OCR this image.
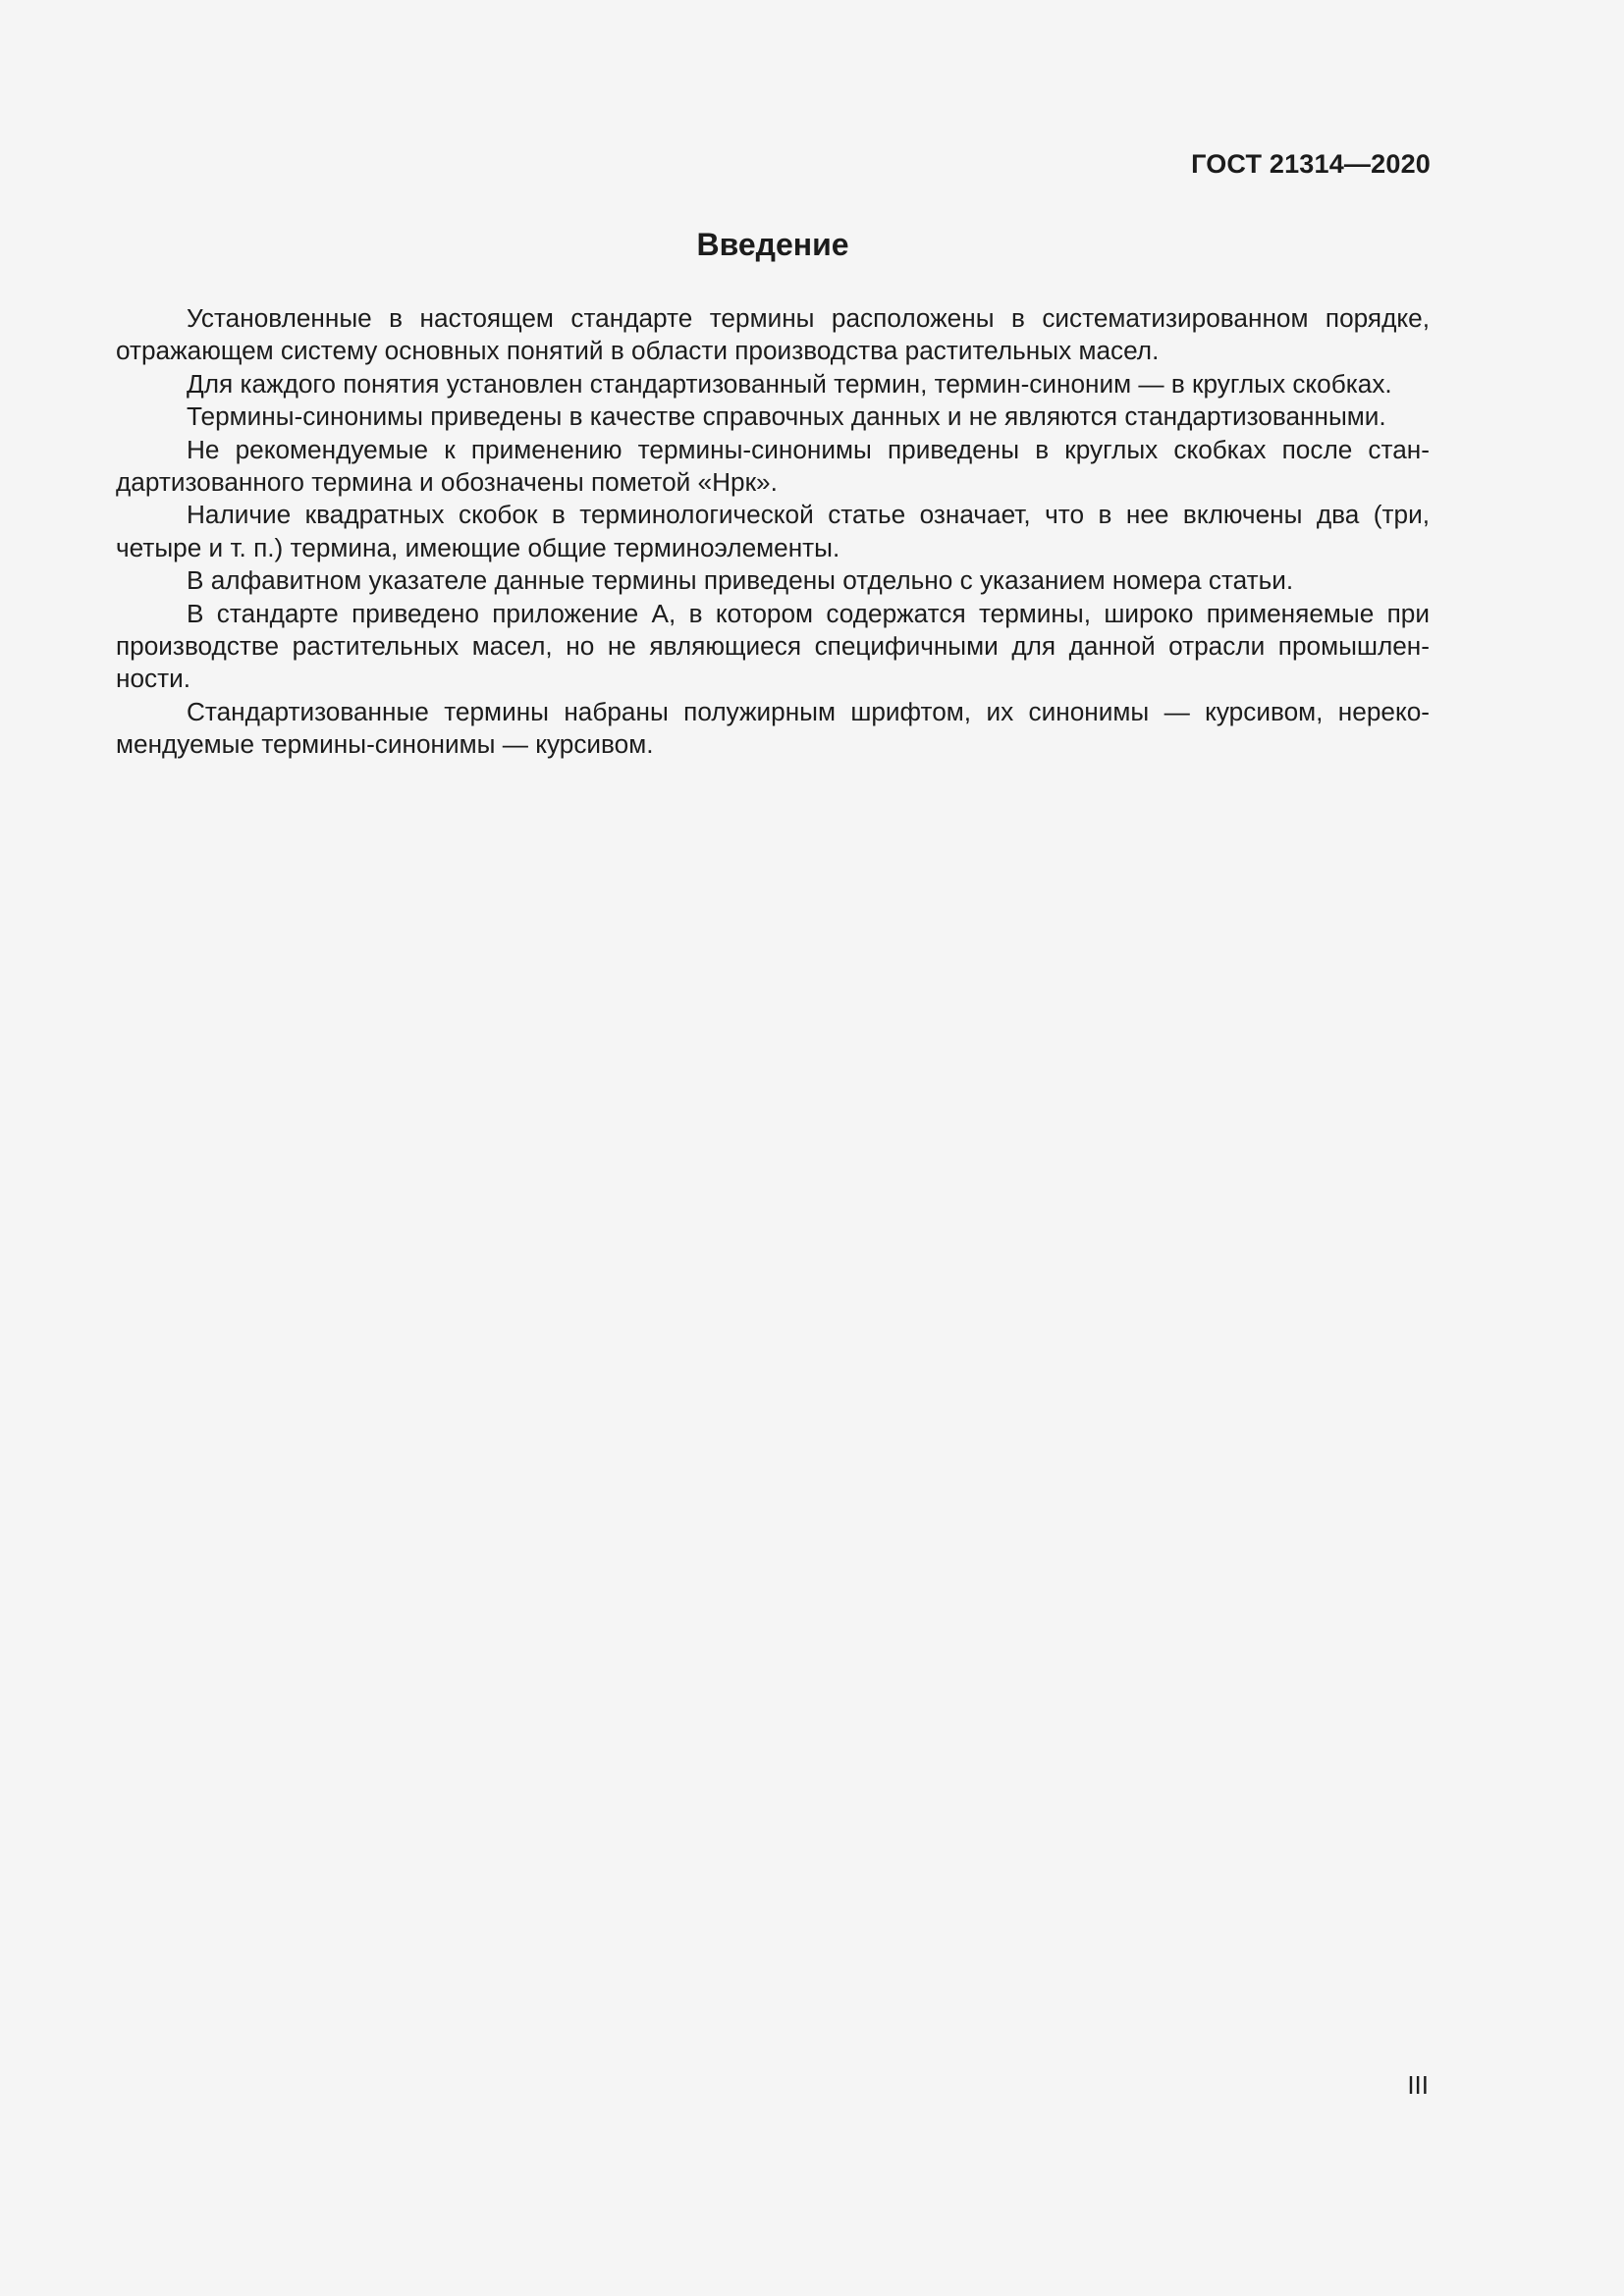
ГОСТ 21314—2020
Введение

Установленные в настоящем стандарте термины расположены в систематизированном порядке, отражающем систему основных понятий в области производства растительных масел.

Для каждого понятия установлен стандартизованный термин, термин-синоним — в круглых скобках.

Термины-синонимы приведены в качестве справочных данных и не являются стандартизованными.

Не рекомендуемые к применению термины-синонимы приведены в круглых скобках после стандартизованного термина и обозначены пометой «Нрк».

Наличие квадратных скобок в терминологической статье означает, что в нее включены два (три, четыре и т. п.) термина, имеющие общие терминоэлементы.

В алфавитном указателе данные термины приведены отдельно с указанием номера статьи.

В стандарте приведено приложение А, в котором содержатся термины, широко применяемые при производстве растительных масел, но не являющиеся специфичными для данной отрасли промышленности.

Стандартизованные термины набраны полужирным шрифтом, их синонимы — курсивом, нерекомендуемые термины-синонимы — курсивом.

III
